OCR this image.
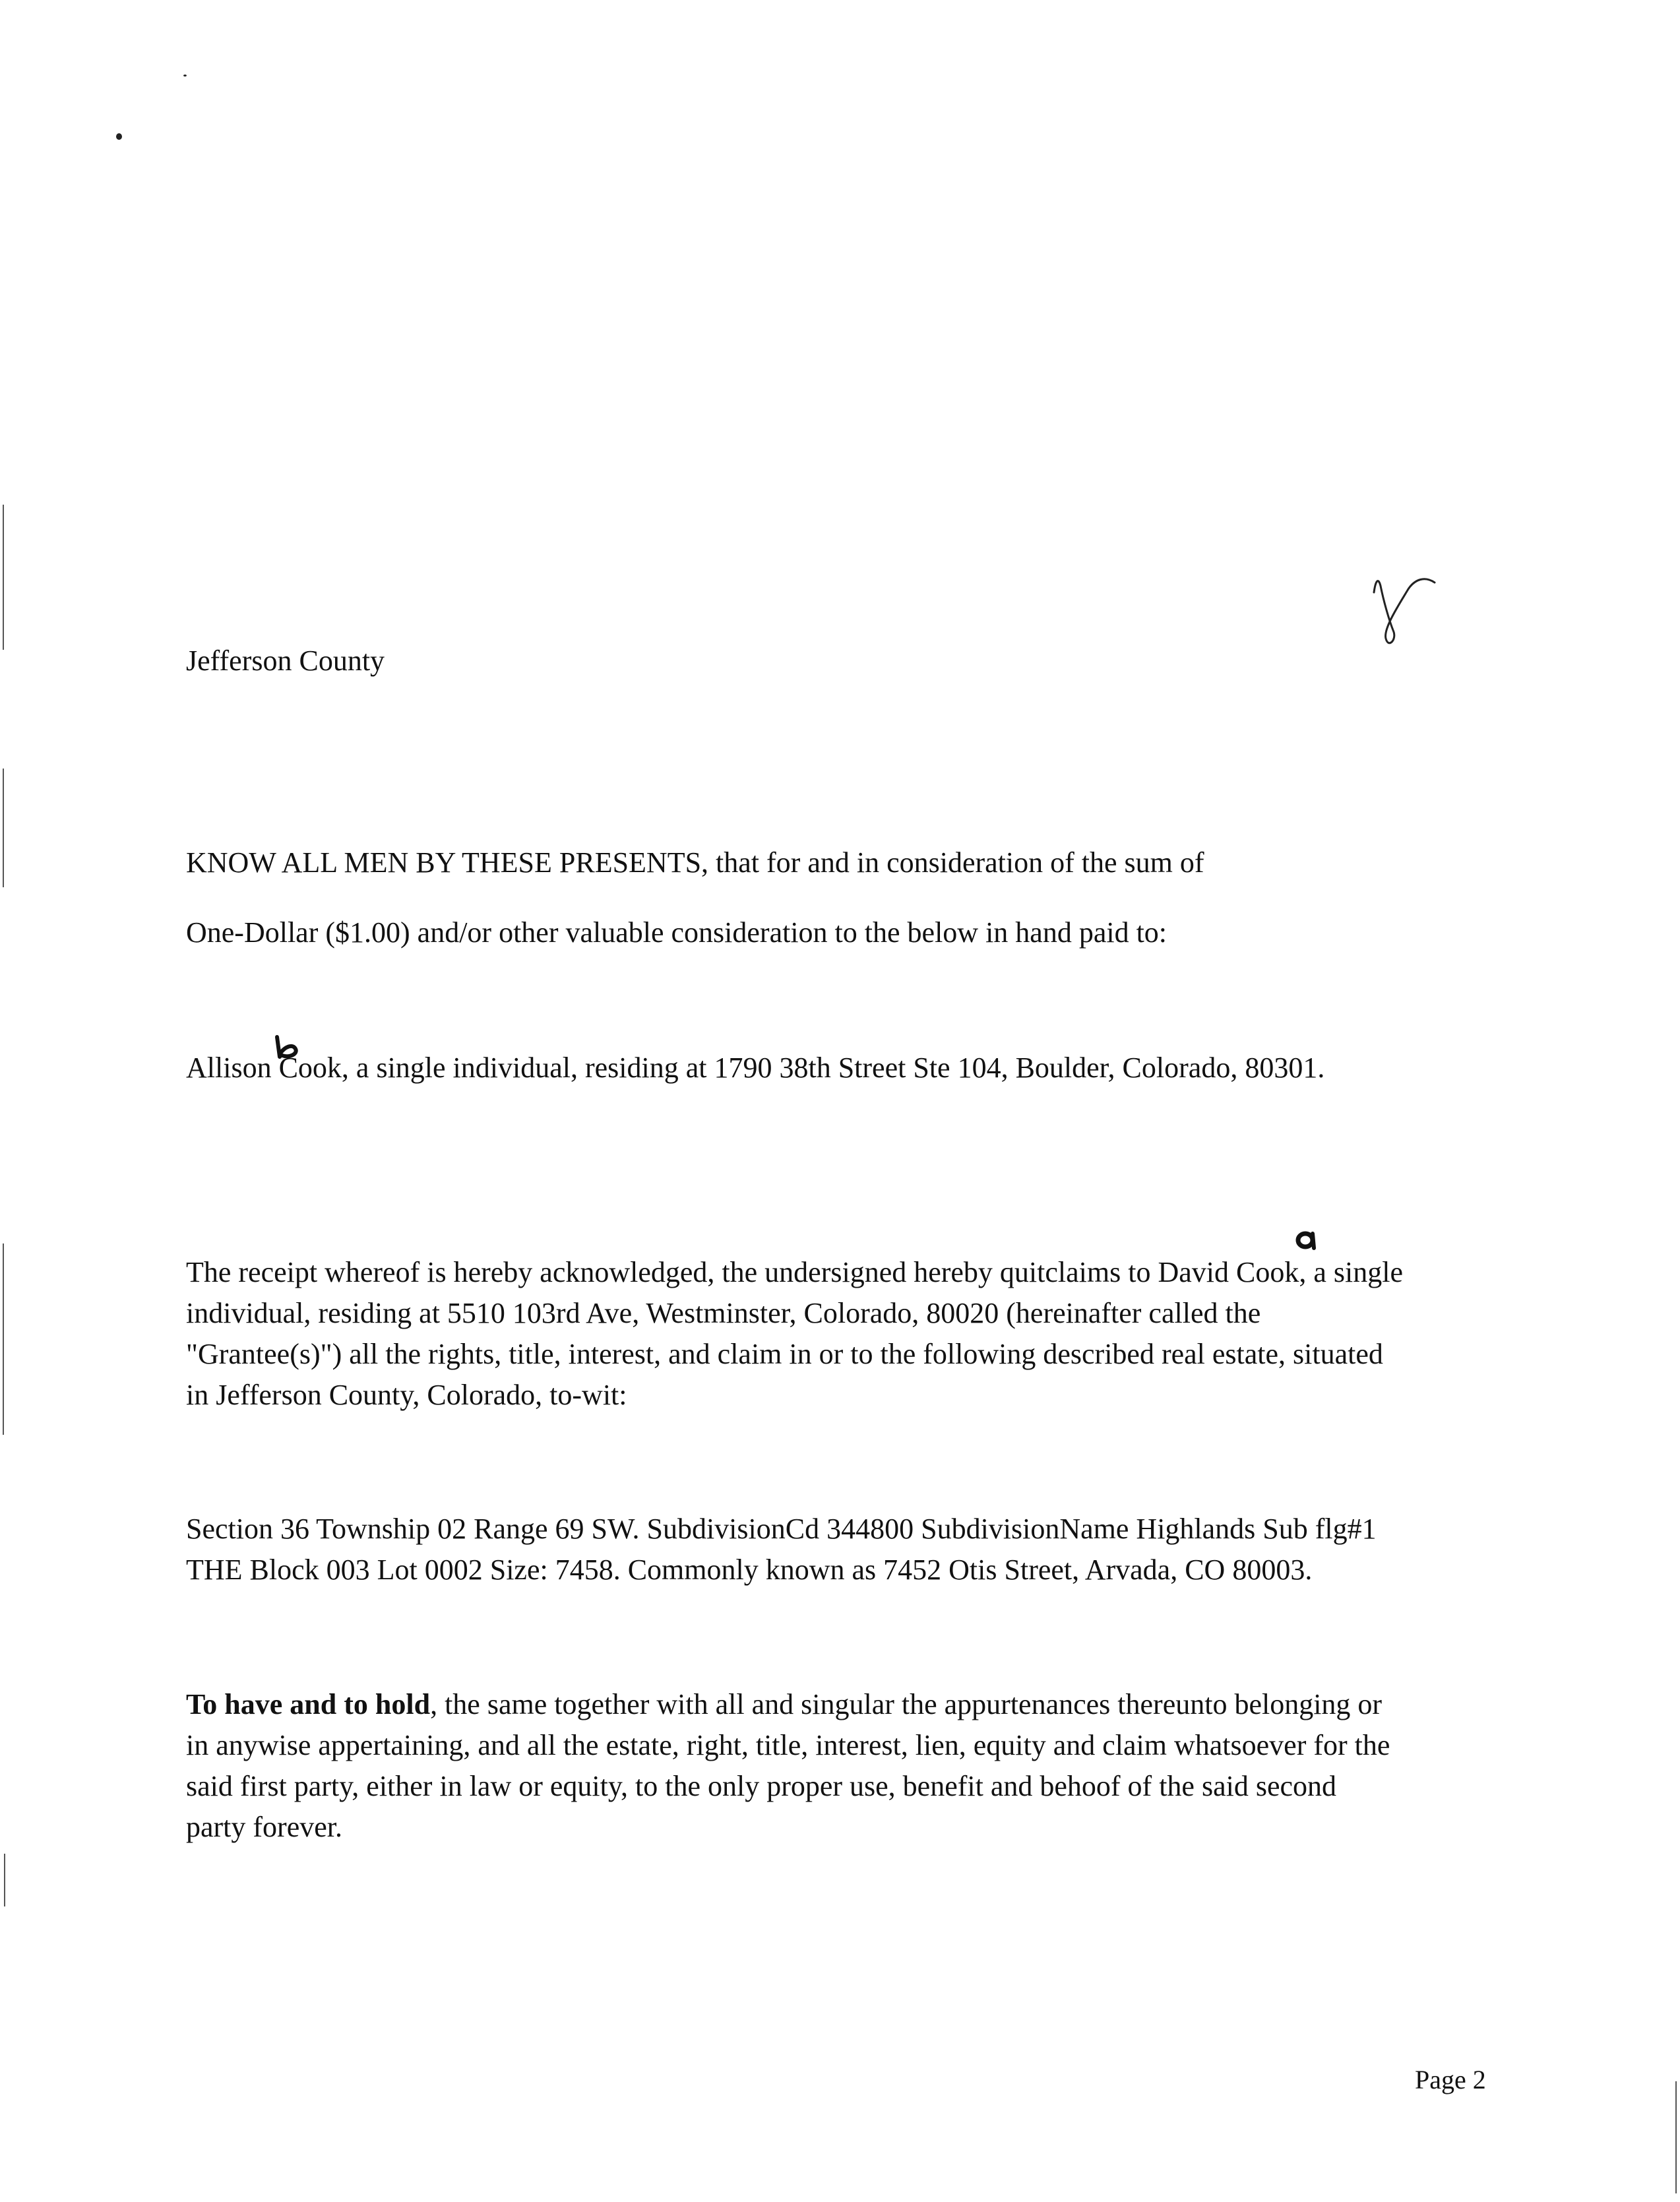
Jefferson County
KNOW ALL MEN BY THESE PRESENTS, that for and in consideration of the sum of
One-Dollar ($1.00) and/or other valuable consideration to the below in hand paid to:
Allison Cook, a single individual, residing at 1790 38th Street Ste 104, Boulder, Colorado, 80301.
The receipt whereof is hereby acknowledged, the undersigned hereby quitclaims to David Cook, a single
individual, residing at 5510 103rd Ave, Westminster, Colorado, 80020 (hereinafter called the
"Grantee(s)") all the rights, title, interest, and claim in or to the following described real estate, situated
in Jefferson County, Colorado, to-wit:
Section 36 Township 02 Range 69 SW. SubdivisionCd 344800 SubdivisionName Highlands Sub flg#1
THE Block 003 Lot 0002 Size: 7458. Commonly known as 7452 Otis Street, Arvada, CO 80003.
To have and to hold, the same together with all and singular the appurtenances thereunto belonging or
in anywise appertaining, and all the estate, right, title, interest, lien, equity and claim whatsoever for the
said first party, either in law or equity, to the only proper use, benefit and behoof of the said second
party forever.
Page 2
